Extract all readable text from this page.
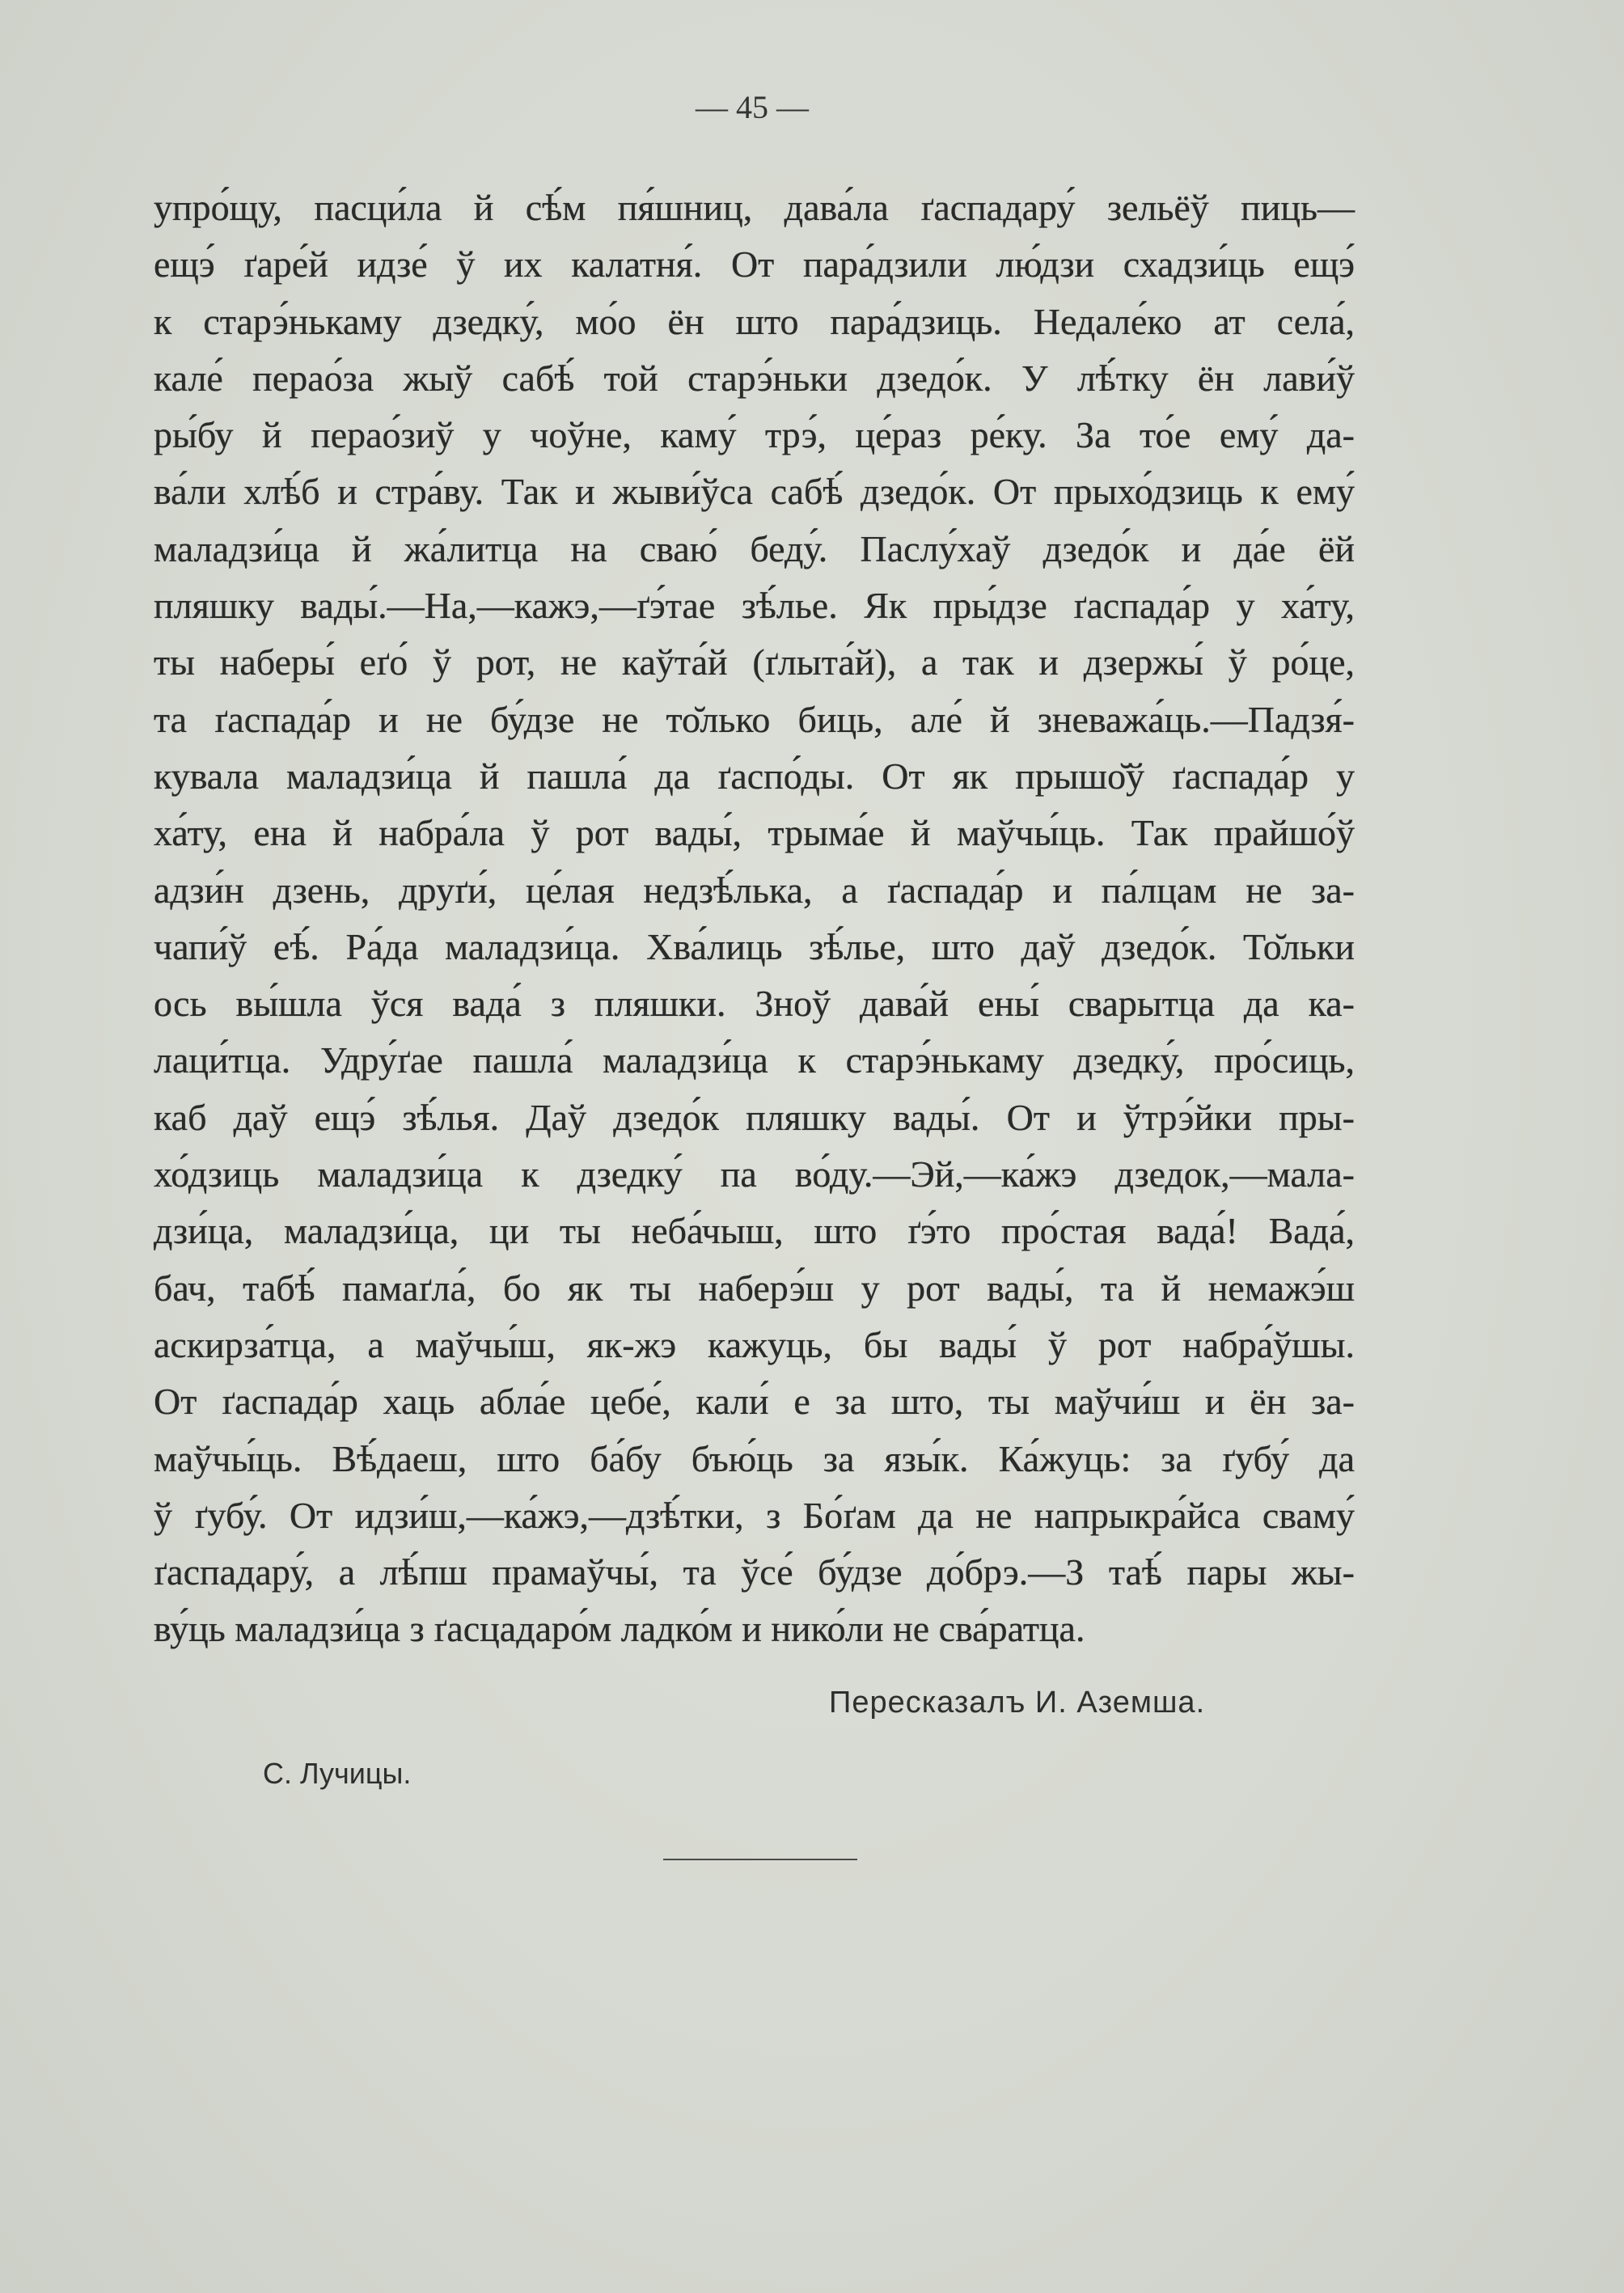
— 45 —
упро́щу, пасци́ла й сѣ́м пя́шниц, дава́ла ґаспадару́ зельёў пиць—
ещэ́ ґаре́й идзе́ ў их калатня́. От пара́дзили лю́дзи схадзи́ць ещэ́
к старэ́нькаму дзедку́, мо́о ён што пара́дзиць. Недале́ко ат села́,
кале́ перао́за жыў сабѣ́ той старэ́ньки дзедо́к. У лѣ́тку ён лави́ў
ры́бу й перао́зиў у чоўне, каму́ трэ́, це́раз ре́ку. За то́е ему́ да-
ва́ли хлѣ́б и стра́ву. Так и жыви́ўса сабѣ́ дзедо́к. От прыхо́дзиць к ему́
маладзи́ца й жа́литца на сваю́ беду́. Паслу́хаў дзедо́к и да́е ёй
пляшку вады́.—На,—кажэ,—ґэ́тае зѣ́лье. Як пры́дзе ґаспада́р у ха́ту,
ты наберы́ еґо́ ў рот, не каўта́й (ґлыта́й), а так и дзержы́ ў ро́це,
та ґаспада́р и не бу́дзе не то̆лько биць, але́ й зневажа́ць.—Падзя́-
кувала маладзи́ца й пашла́ да ґаспо́ды. От як прышо̆ў ґаспада́р у
ха́ту, ена й набра́ла ў рот вады́, трыма́е й маўчы́ць. Так прайшо́ў
адзи́н дзень, друґи́, це́лая недзѣ́лька, а ґаспада́р и па́лцам не за-
чапи́ў еѣ́. Ра́да маладзи́ца. Хва́лиць зѣ́лье, што даў дзедо́к. То̆льки
ось вы́шла ўся вада́ з пляшки. Зноў дава́й ены́ сварытца да ка-
лаци́тца. Удру́ґае пашла́ маладзи́ца к старэ́нькаму дзедку́, про́сиць,
каб даў ещэ́ зѣ́лья. Даў дзедо́к пляшку вады́. От и ўтрэ́йки пры-
хо́дзиць маладзи́ца к дзедку́ па во́ду.—Эй,—ка́жэ дзедок,—мала-
дзи́ца, маладзи́ца, ци ты неба́чыш, што ґэ́то про́стая вада́! Вада́,
бач, табѣ́ памаґла́, бо як ты наберэ́ш у рот вады́, та й немажэ́ш
аскирза́тца, а маўчы́ш, як-жэ кажуць, бы вады́ ў рот набра́ўшы.
От ґаспада́р хаць абла́е цебе́, кали́ е за што, ты маўчи́ш и ён за-
маўчы́ць. Вѣ́даеш, што ба́бу бъю́ць за язы́к. Ка́жуць: за ґубу́ да
ў ґубу́. От идзи́ш,—ка́жэ,—дзѣ́тки, з Бо́ґам да не напрыкра́йса сваму́
ґаспадару́, а лѣ́пш прамаўчы́, та ўсе́ бу́дзе до́брэ.—З таѣ́ пары жы-
ву́ць маладзи́ца з ґасцадаро́м ладко́м и нико́ли не сва́ратца.
Пересказалъ И. Аземша.
С. Лучицы.
